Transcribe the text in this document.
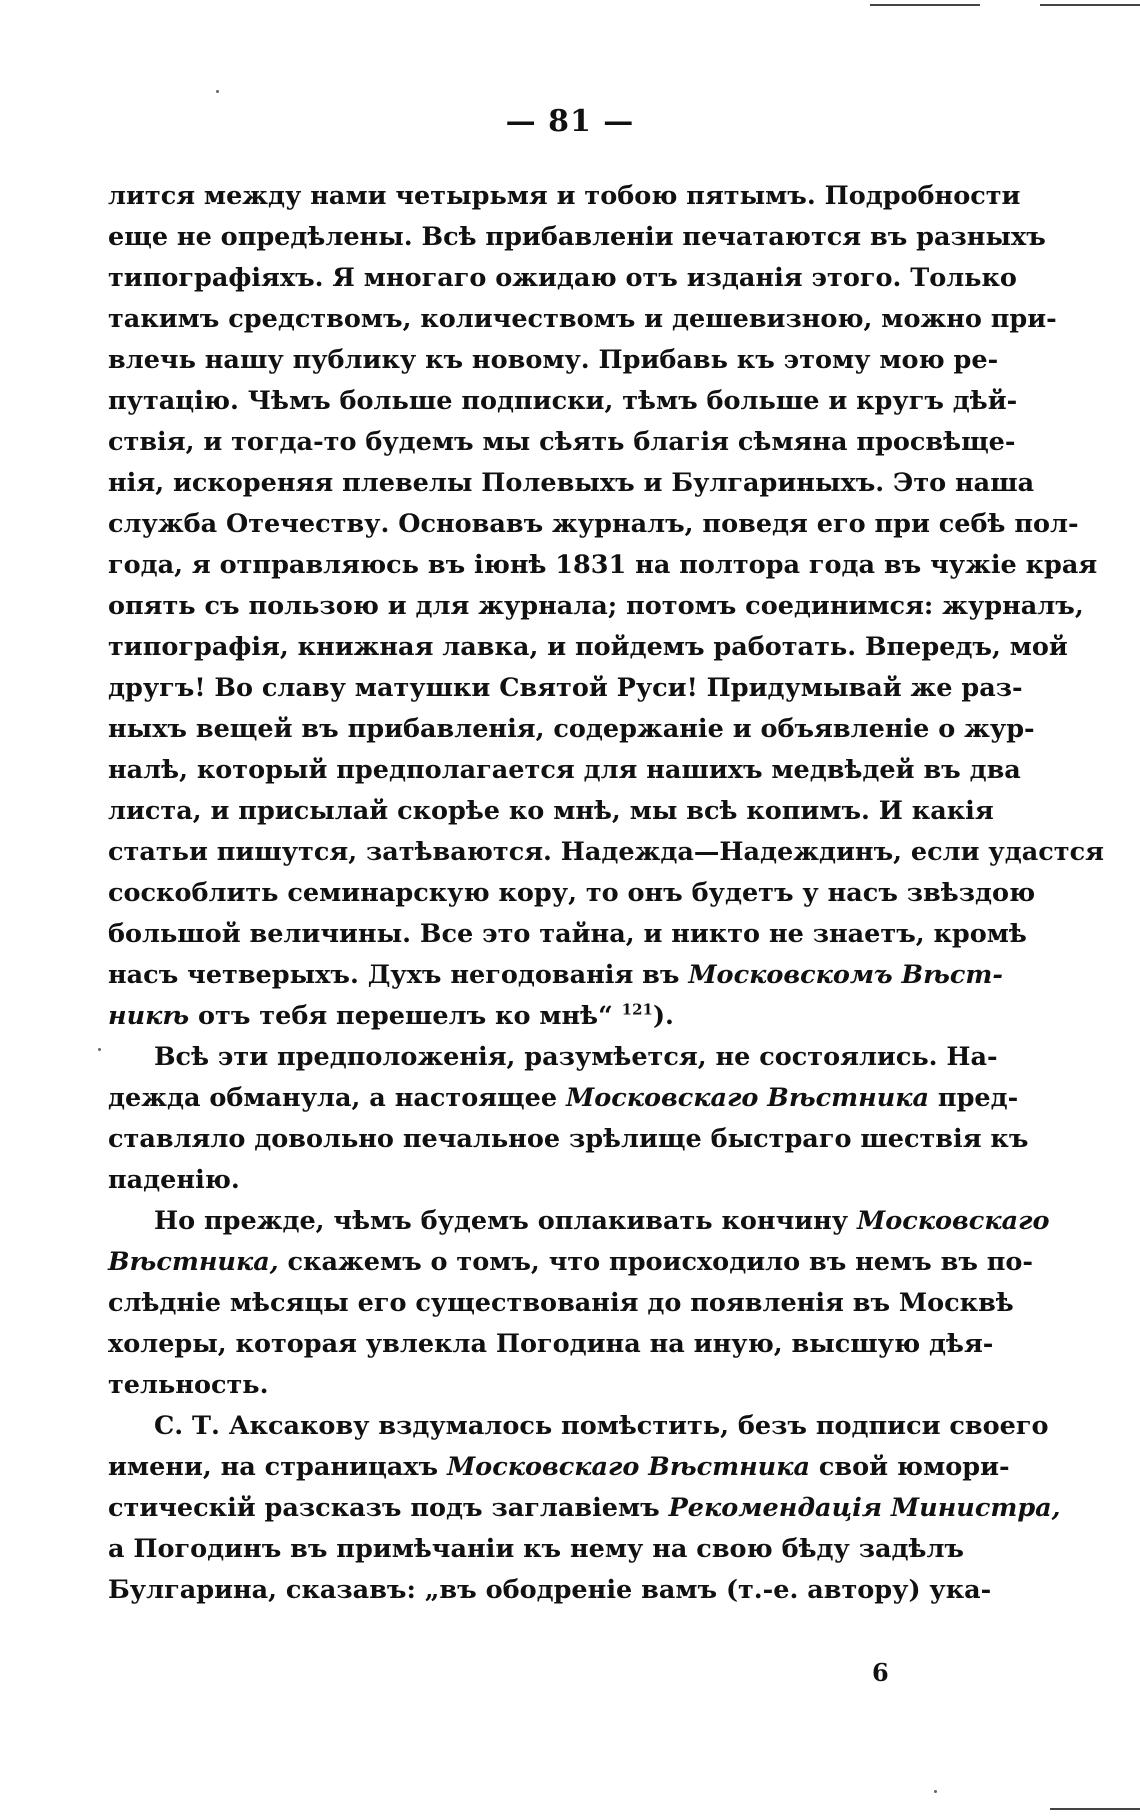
— 81 —
лится между нами четырьмя и тобою пятымъ. Подробности
еще не опредѣлены. Всѣ прибавленіи печатаются въ разныхъ
типографіяхъ. Я многаго ожидаю отъ изданія этого. Только
такимъ средствомъ, количествомъ и дешевизною, можно при-
влечь нашу публику къ новому. Прибавь къ этому мою ре-
путацію. Чѣмъ больше подписки, тѣмъ больше и кругъ дѣй-
ствія, и тогда-то будемъ мы сѣять благія сѣмяна просвѣще-
нія, искореняя плевелы Полевыхъ и Булгариныхъ. Это наша
служба Отечеству. Основавъ журналъ, поведя его при себѣ пол-
года, я отправляюсь въ іюнѣ 1831 на полтора года въ чужіе края
опять съ пользою и для журнала; потомъ соединимся: журналъ,
типографія, книжная лавка, и пойдемъ работать. Впередъ, мой
другъ! Во славу матушки Святой Руси! Придумывай же раз-
ныхъ вещей въ прибавленія, содержаніе и объявленіе о жур-
налѣ, который предполагается для нашихъ медвѣдей въ два
листа, и присылай скорѣе ко мнѣ, мы всѣ копимъ. И какія
статьи пишутся, затѣваются. Надежда—Надеждинъ, если удастся
соскоблить семинарскую кору, то онъ будетъ у насъ звѣздою
большой величины. Все это тайна, и никто не знаетъ, кромѣ
насъ четверыхъ. Духъ негодованія въ Московскомъ Вѣст-
никѣ отъ тебя перешелъ ко мнѣ“ $^{121}$).
Всѣ эти предположенія, разумѣется, не состоялись. На-
дежда обманула, а настоящее Московскаго Вѣстника пред-
ставляло довольно печальное зрѣлище быстраго шествія къ
паденію.
Но прежде, чѣмъ будемъ оплакивать кончину Московскаго
Вѣстника, скажемъ о томъ, что происходило въ немъ въ по-
слѣдніе мѣсяцы его существованія до появленія въ Москвѣ
холеры, которая увлекла Погодина на иную, высшую дѣя-
тельность.
С. Т. Аксакову вздумалось помѣстить, безъ подписи своего
имени, на страницахъ Московскаго Вѣстника свой юмори-
стическій разсказъ подъ заглавіемъ Рекомендація Министра,
а Погодинъ въ примѣчаніи къ нему на свою бѣду задѣлъ
Булгарина, сказавъ: „въ ободреніе вамъ (т.-е. автору) ука-
6
